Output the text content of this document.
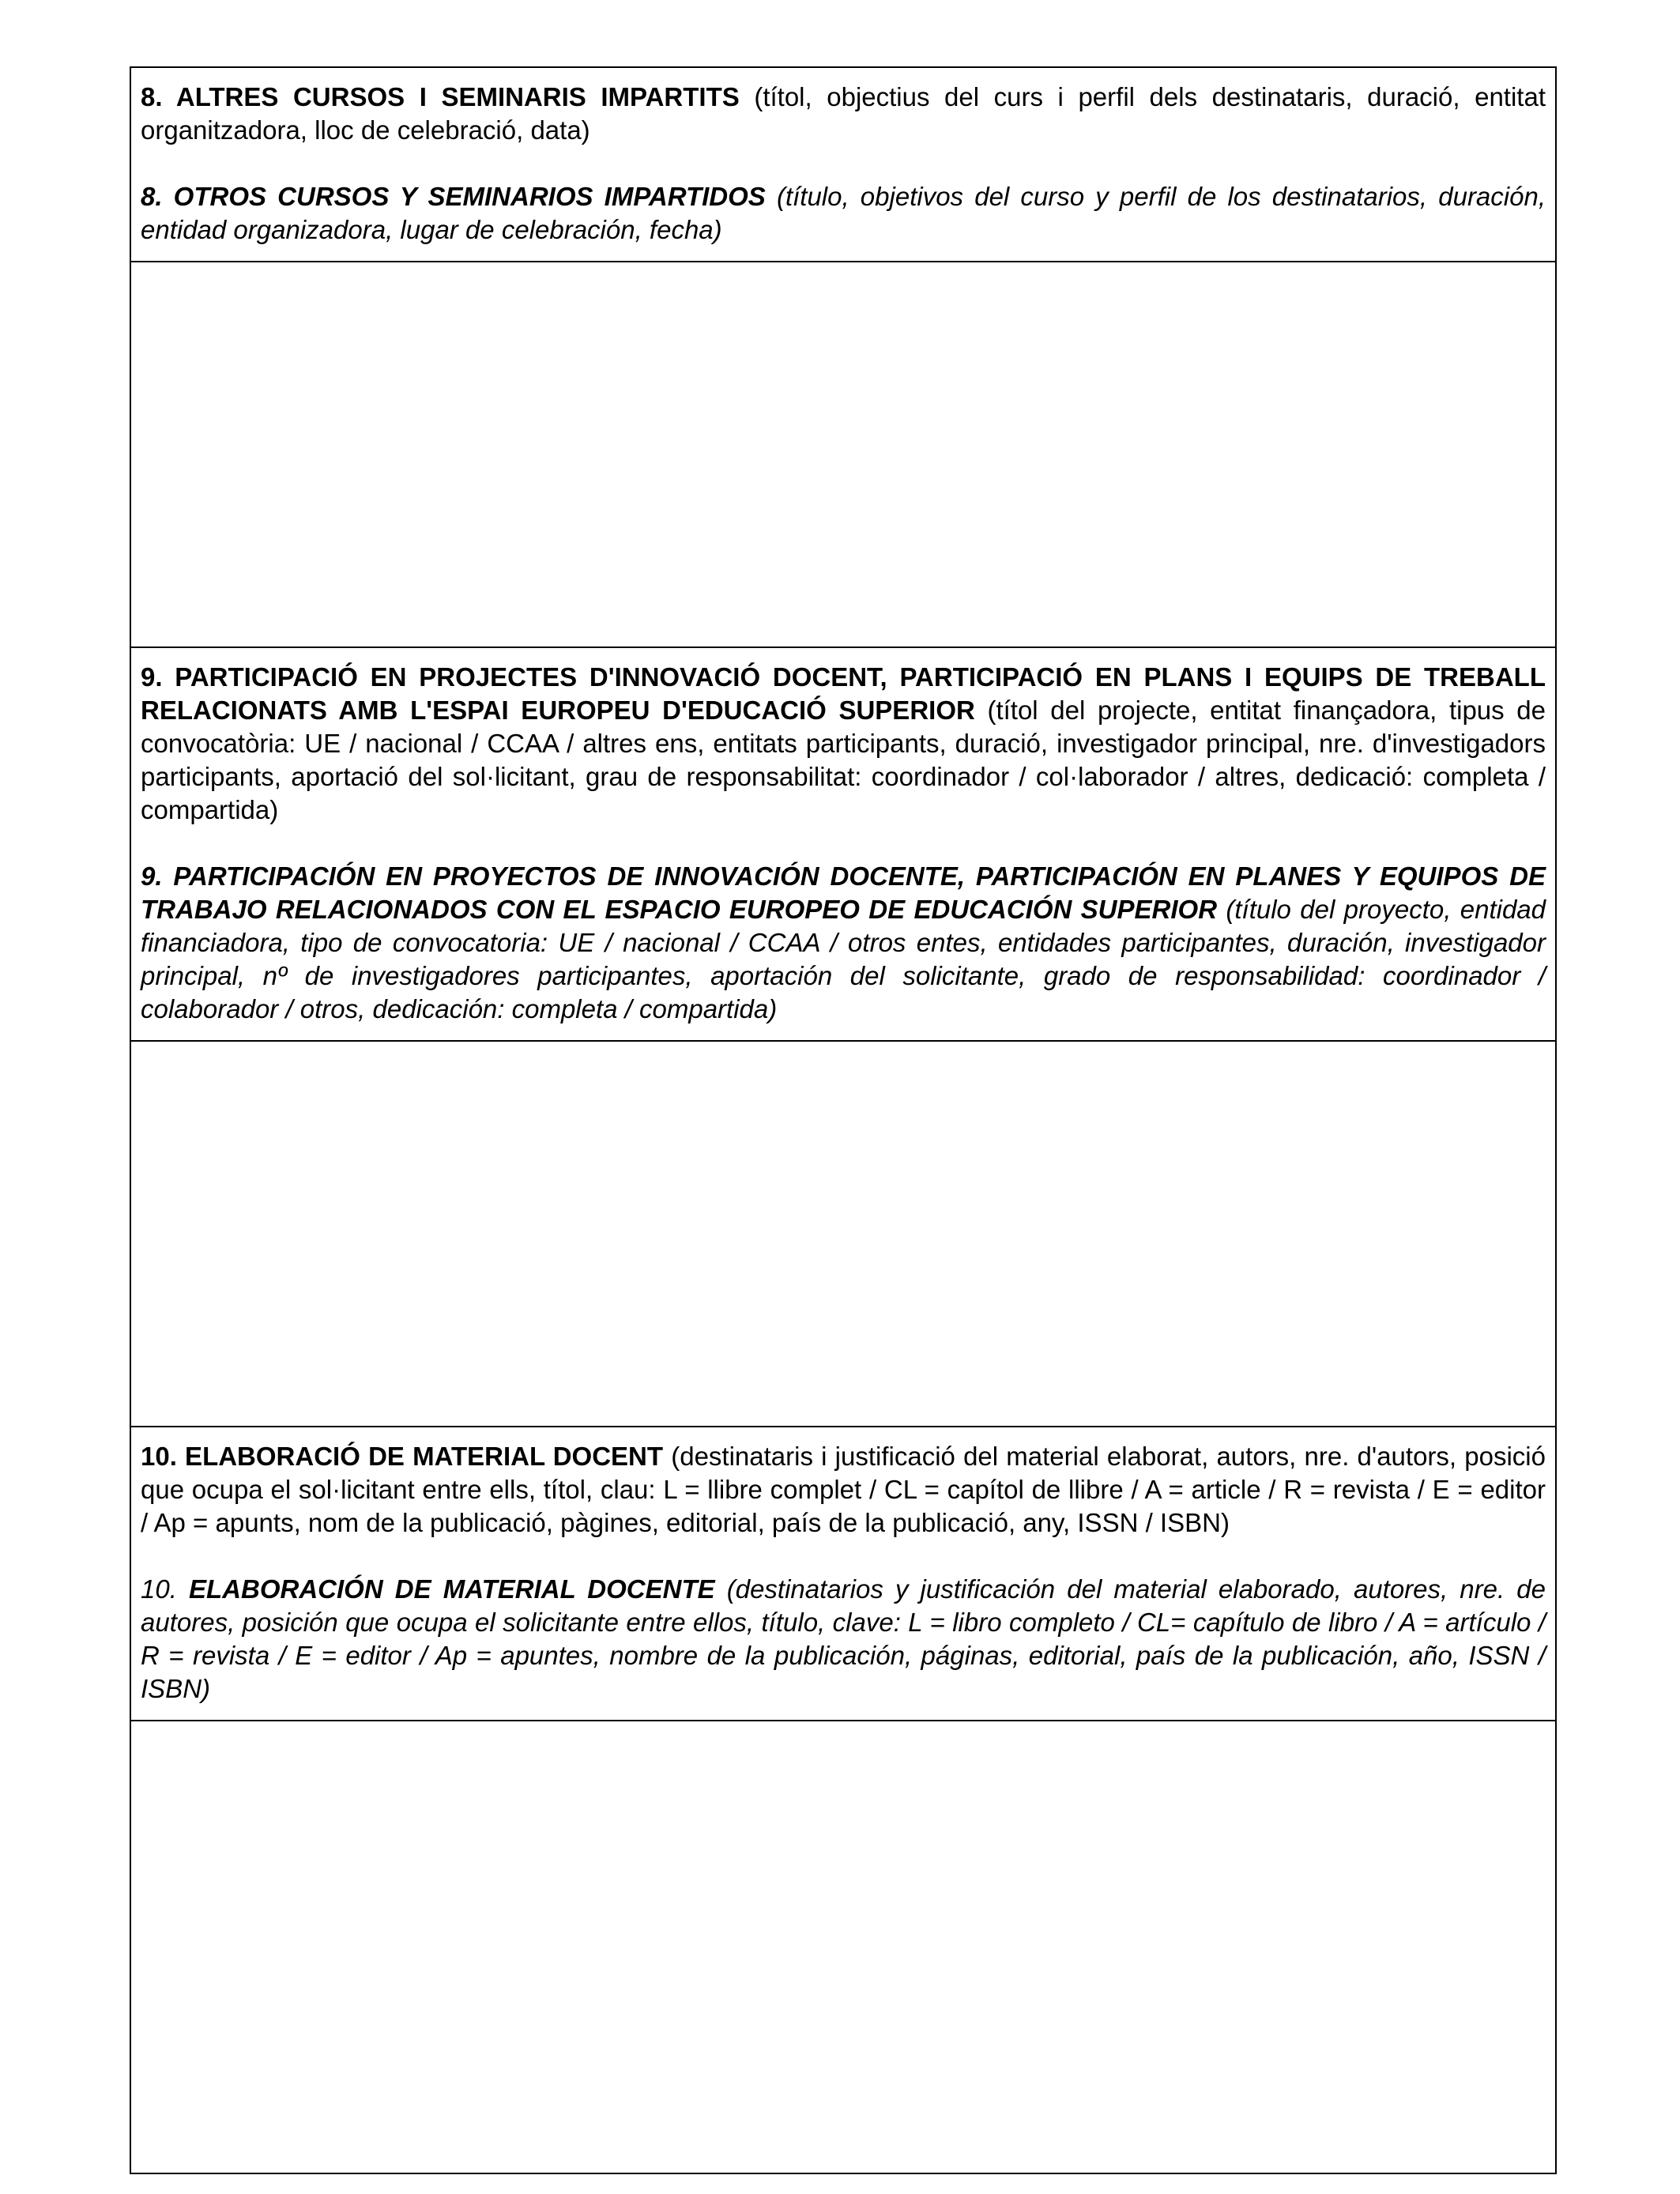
8. ALTRES CURSOS I SEMINARIS IMPARTITS (títol, objectius del curs i perfil dels destinataris, duració, entitat organitzadora, lloc de celebració, data)

8. OTROS CURSOS Y SEMINARIOS IMPARTIDOS (título, objetivos del curso y perfil de los destinatarios, duración, entidad organizadora, lugar de celebración, fecha)

9. PARTICIPACIÓ EN PROJECTES D'INNOVACIÓ DOCENT, PARTICIPACIÓ EN PLANS I EQUIPS DE TREBALL RELACIONATS AMB L'ESPAI EUROPEU D'EDUCACIÓ SUPERIOR (títol del projecte, entitat finançadora, tipus de convocatòria: UE / nacional / CCAA / altres ens, entitats participants, duració, investigador principal, nre. d'investigadors participants, aportació del sol·licitant, grau de responsabilitat: coordinador / col·laborador / altres, dedicació: completa / compartida)

9. PARTICIPACIÓN EN PROYECTOS DE INNOVACIÓN DOCENTE, PARTICIPACIÓN EN PLANES Y EQUIPOS DE TRABAJO RELACIONADOS CON EL ESPACIO EUROPEO DE EDUCACIÓN SUPERIOR (título del proyecto, entidad financiadora, tipo de convocatoria: UE / nacional / CCAA / otros entes, entidades participantes, duración, investigador principal, nº de investigadores participantes, aportación del solicitante, grado de responsabilidad: coordinador / colaborador / otros, dedicación: completa / compartida)

10. ELABORACIÓ DE MATERIAL DOCENT (destinataris i justificació del material elaborat, autors, nre. d'autors, posició que ocupa el sol·licitant entre ells, títol, clau: L = llibre complet / CL = capítol de llibre / A = article / R = revista / E = editor / Ap = apunts, nom de la publicació, pàgines, editorial, país de la publicació, any, ISSN / ISBN)

10. ELABORACIÓN DE MATERIAL DOCENTE (destinatarios y justificación del material elaborado, autores, nre. de autores, posición que ocupa el solicitante entre ellos, título, clave: L = libro completo / CL= capítulo de libro / A = artículo / R = revista / E = editor / Ap = apuntes, nombre de la publicación, páginas, editorial, país de la publicación, año, ISSN / ISBN)
